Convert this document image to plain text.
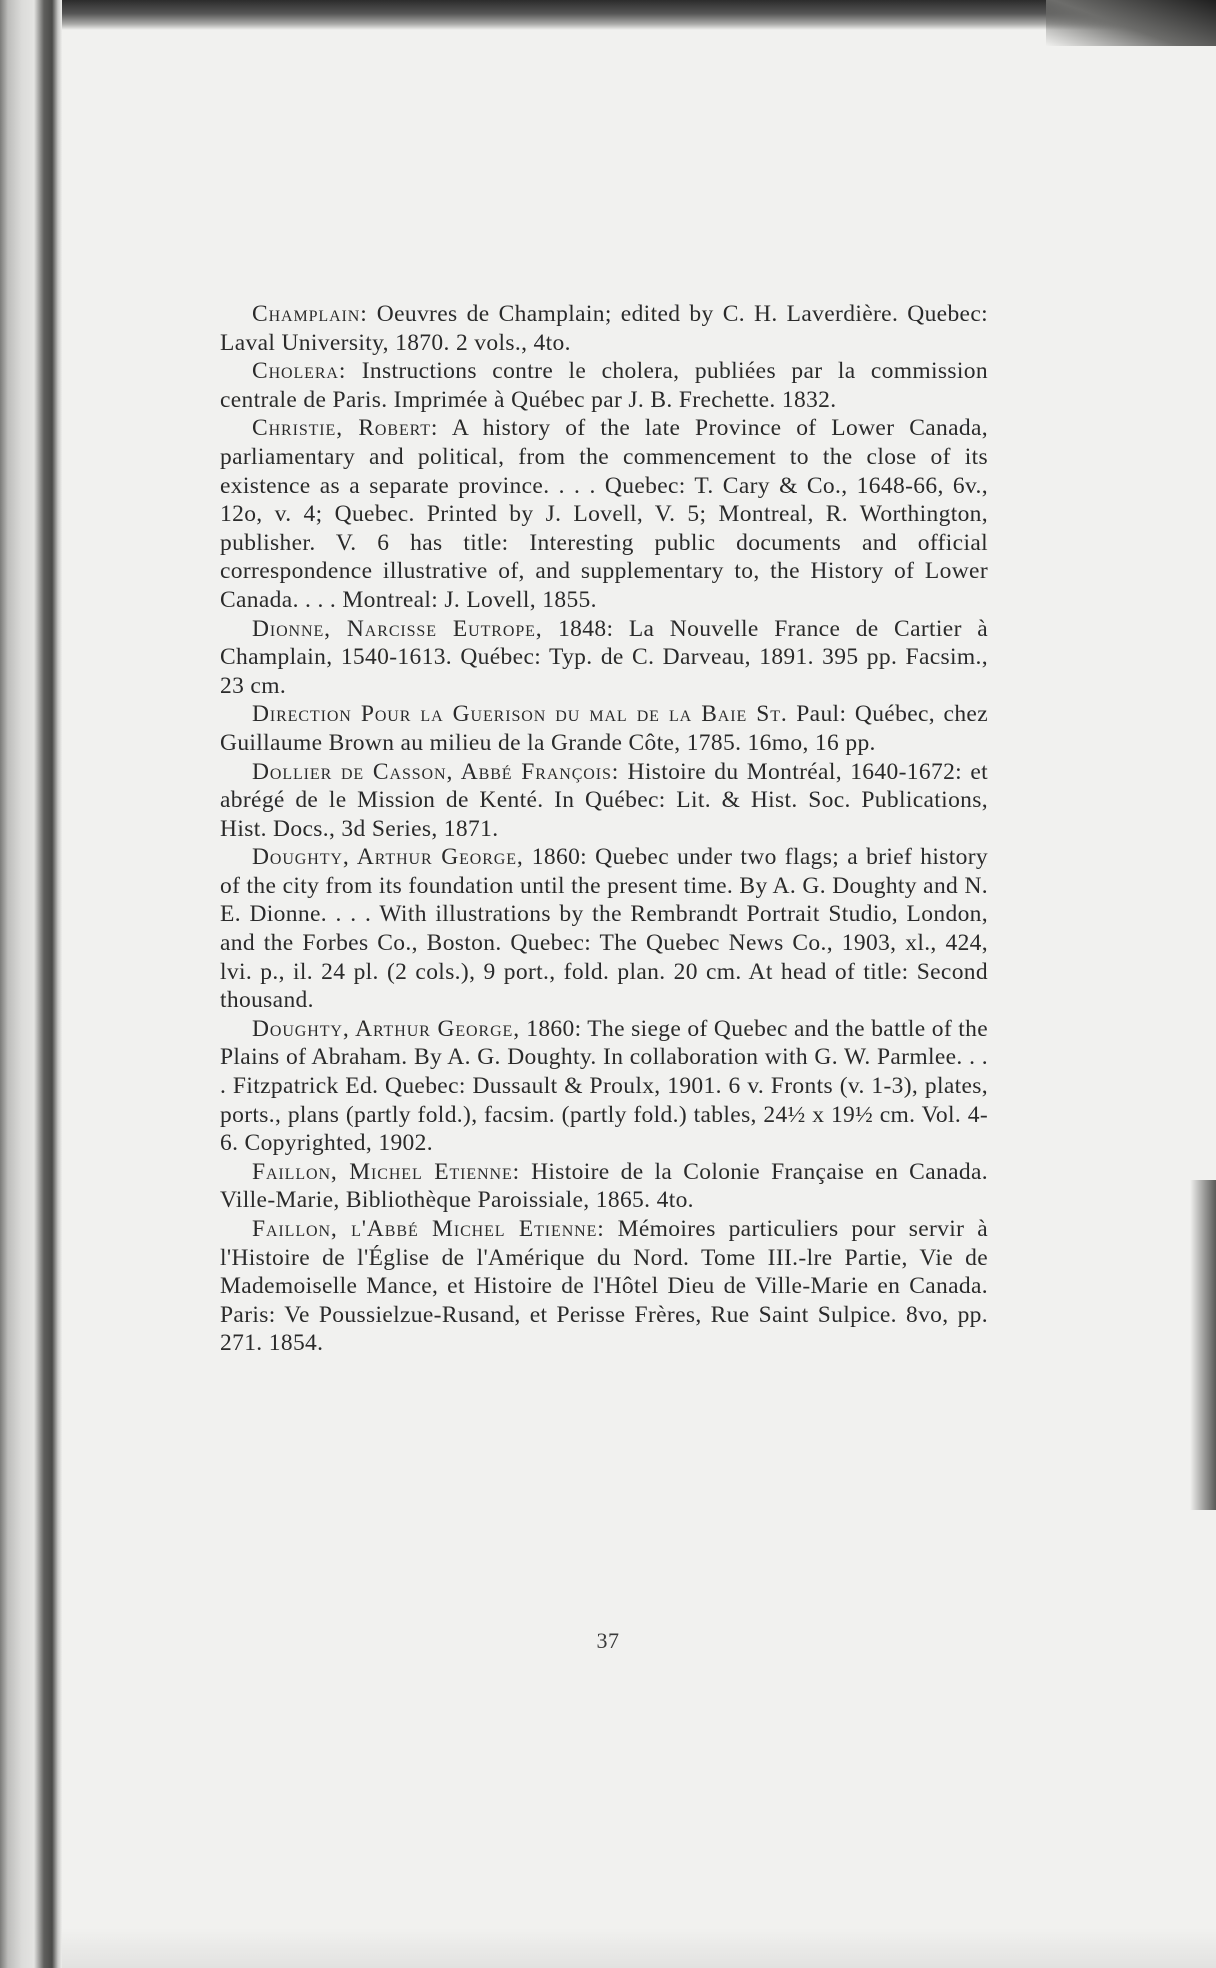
Champlain: Oeuvres de Champlain; edited by C. H. Laverdière. Quebec: Laval University, 1870. 2 vols., 4to.

Cholera: Instructions contre le cholera, publiées par la commission centrale de Paris. Imprimée à Québec par J. B. Frechette. 1832.

Christie, Robert: A history of the late Province of Lower Canada, parliamentary and political, from the commencement to the close of its existence as a separate province. . . . Quebec: T. Cary & Co., 1648-66, 6v., 12o, v. 4; Quebec. Printed by J. Lovell, V. 5; Montreal, R. Worthington, publisher. V. 6 has title: Interesting public documents and official correspondence illustrative of, and supplementary to, the History of Lower Canada. . . . Montreal: J. Lovell, 1855.

Dionne, Narcisse Eutrope, 1848: La Nouvelle France de Cartier à Champlain, 1540-1613. Québec: Typ. de C. Darveau, 1891. 395 pp. Facsim., 23 cm.

Direction Pour la Guerison du mal de la Baie St. Paul: Québec, chez Guillaume Brown au milieu de la Grande Côte, 1785. 16mo, 16 pp.

Dollier de Casson, Abbé François: Histoire du Montréal, 1640-1672: et abrégé de le Mission de Kenté. In Québec: Lit. & Hist. Soc. Publications, Hist. Docs., 3d Series, 1871.

Doughty, Arthur George, 1860: Quebec under two flags; a brief history of the city from its foundation until the present time. By A. G. Doughty and N. E. Dionne. . . . With illustrations by the Rembrandt Portrait Studio, London, and the Forbes Co., Boston. Quebec: The Quebec News Co., 1903, xl., 424, lvi. p., il. 24 pl. (2 cols.), 9 port., fold. plan. 20 cm. At head of title: Second thousand.

Doughty, Arthur George, 1860: The siege of Quebec and the battle of the Plains of Abraham. By A. G. Doughty. In collaboration with G. W. Parmlee. . . . Fitzpatrick Ed. Quebec: Dussault & Proulx, 1901. 6 v. Fronts (v. 1-3), plates, ports., plans (partly fold.), facsim. (partly fold.) tables, 24½ x 19½ cm. Vol. 4-6. Copyrighted, 1902.

Faillon, Michel Etienne: Histoire de la Colonie Française en Canada. Ville-Marie, Bibliothèque Paroissiale, 1865. 4to.

Faillon, l'Abbé Michel Etienne: Mémoires particuliers pour servir à l'Histoire de l'Église de l'Amérique du Nord. Tome III.-lre Partie, Vie de Mademoiselle Mance, et Histoire de l'Hôtel Dieu de Ville-Marie en Canada. Paris: Ve Poussielzue-Rusand, et Perisse Frères, Rue Saint Sulpice. 8vo, pp. 271. 1854.

37
